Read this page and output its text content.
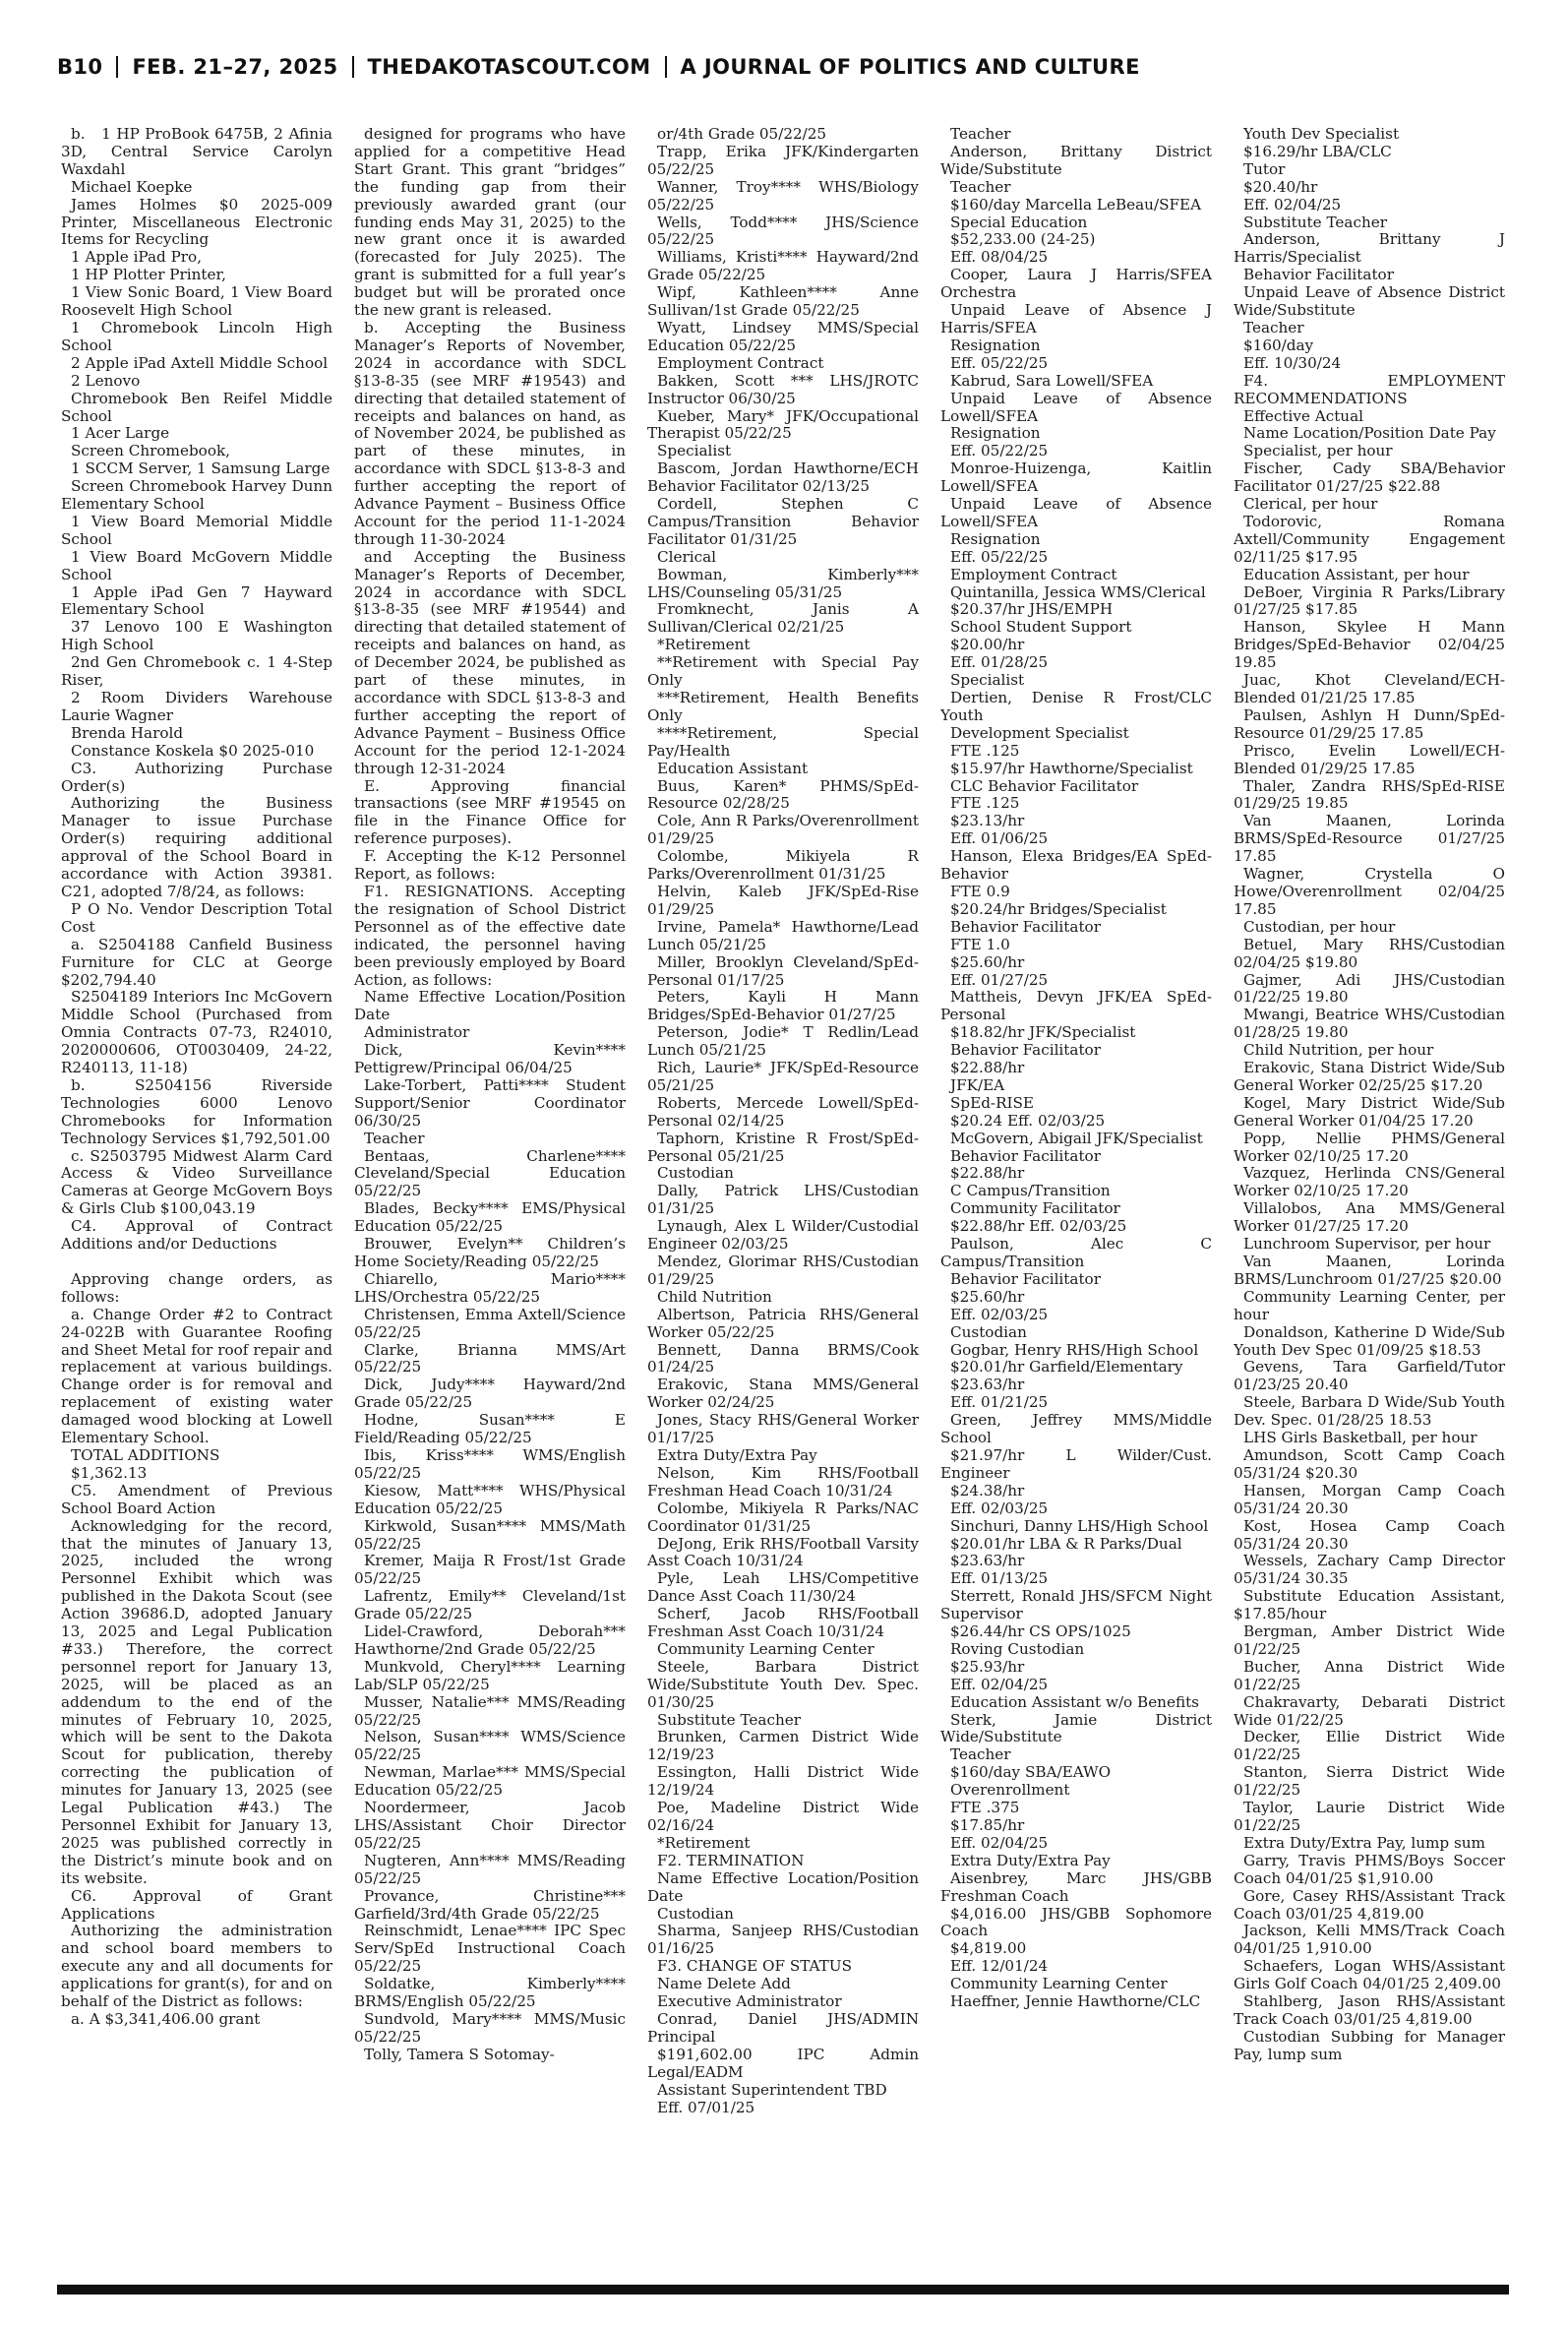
B10 FEB. 21–27, 2025 THEDAKOTASCOUT.COM A JOURNAL OF POLITICS AND CULTURE

b.   1 HP ProBook 6475B, 2 Afinia 3D, Central Service Carolyn Waxdahl

Michael Koepke

James Holmes $0 2025-009 Printer, Miscellaneous Electronic Items for Recycling

1 Apple iPad Pro,

1 HP Plotter Printer,

1 View Sonic Board, 1 View Board Roosevelt High School

1 Chromebook Lincoln High School

2 Apple iPad Axtell Middle School

2 Lenovo

Chromebook Ben Reifel Middle School

1 Acer Large

Screen Chromebook,

1 SCCM Server, 1 Samsung Large

Screen Chromebook Harvey Dunn Elementary School

1 View Board Memorial Middle School

1 View Board McGovern Middle School

1 Apple iPad Gen 7 Hayward Elementary School

37 Lenovo 100 E Washington High School

2nd Gen Chromebook c. 1 4-Step Riser,

2 Room Dividers Warehouse Laurie Wagner

Brenda Harold

Constance Koskela $0 2025-010

C3. Authorizing Purchase Order(s)

Authorizing the Business Manager to issue Purchase Order(s) requiring additional approval of the School Board in accordance with Action 39381. C21, adopted 7/8/24, as follows:

P O No. Vendor Description Total Cost

a. S2504188 Canfield Business Furniture for CLC at George $202,794.40

S2504189 Interiors Inc McGovern Middle School (Purchased from Omnia Contracts 07-73, R24010, 2020000606, OT0030409, 24-22, R240113, 11-18)

b. S2504156 Riverside Technologies 6000 Lenovo Chromebooks for Information Technology Services $1,792,501.00

c. S2503795 Midwest Alarm Card Access & Video Surveillance Cameras at George McGovern Boys & Girls Club $100,043.19

C4. Approval of Contract Additions and/or Deductions

Approving change orders, as follows:

a. Change Order #2 to Contract 24-022B with Guarantee Roofing and Sheet Metal for roof repair and replacement at various buildings. Change order is for removal and replacement of existing water damaged wood blocking at Lowell Elementary School.

TOTAL ADDITIONS

$1,362.13

C5. Amendment of Previous School Board Action

Acknowledging for the record, that the minutes of January 13, 2025, included the wrong Personnel Exhibit which was published in the Dakota Scout (see Action 39686.D, adopted January 13, 2025 and Legal Publication #33.) Therefore, the correct personnel report for January 13, 2025, will be placed as an addendum to the end of the minutes of February 10, 2025, which will be sent to the Dakota Scout for publication, thereby correcting the publication of minutes for January 13, 2025 (see Legal Publication #43.) The Personnel Exhibit for January 13, 2025 was published correctly in the District’s minute book and on its website.

C6. Approval of Grant Applications

Authorizing the administration and school board members to execute any and all documents for applications for grant(s), for and on behalf of the District as follows:

a. A $3,341,406.00 grant

designed for programs who have applied for a competitive Head Start Grant. This grant “bridges” the funding gap from their previously awarded grant (our funding ends May 31, 2025) to the new grant once it is awarded (forecasted for July 2025). The grant is submitted for a full year’s budget but will be prorated once the new grant is released.

b. Accepting the Business Manager’s Reports of November, 2024 in accordance with SDCL §13-8-35 (see MRF #19543) and directing that detailed statement of receipts and balances on hand, as of November 2024, be published as part of these minutes, in accordance with SDCL §13-8-3 and further accepting the report of Advance Payment – Business Office Account for the period 11-1-2024 through 11-30-2024

and Accepting the Business Manager’s Reports of December, 2024 in accordance with SDCL §13-8-35 (see MRF #19544) and directing that detailed statement of receipts and balances on hand, as of December 2024, be published as part of these minutes, in accordance with SDCL §13-8-3 and further accepting the report of Advance Payment – Business Office Account for the period 12-1-2024 through 12-31-2024

E. Approving financial transactions (see MRF #19545 on file in the Finance Office for reference purposes).

F. Accepting the K-12 Personnel Report, as follows:

F1. RESIGNATIONS. Accepting the resignation of School District Personnel as of the effective date indicated, the personnel having been previously employed by Board Action, as follows:

Name Effective Location/Position Date

Administrator

Dick, Kevin**** Pettigrew/Principal 06/04/25

Lake-Torbert, Patti**** Student Support/Senior Coordinator 06/30/25

Teacher

Bentaas, Charlene**** Cleveland/Special Education 05/22/25

Blades, Becky**** EMS/Physical Education 05/22/25

Brouwer, Evelyn** Children’s Home Society/Reading 05/22/25

Chiarello, Mario**** LHS/Orchestra 05/22/25

Christensen, Emma Axtell/Science 05/22/25

Clarke, Brianna MMS/Art 05/22/25

Dick, Judy**** Hayward/2nd Grade 05/22/25

Hodne, Susan**** E Field/Reading 05/22/25

Ibis, Kriss**** WMS/English 05/22/25

Kiesow, Matt**** WHS/Physical Education 05/22/25

Kirkwold, Susan**** MMS/Math 05/22/25

Kremer, Maija R Frost/1st Grade 05/22/25

Lafrentz, Emily** Cleveland/1st Grade 05/22/25

Lidel-Crawford, Deborah*** Hawthorne/2nd Grade 05/22/25

Munkvold, Cheryl**** Learning Lab/SLP 05/22/25

Musser, Natalie*** MMS/Reading 05/22/25

Nelson, Susan**** WMS/Science 05/22/25

Newman, Marlae*** MMS/Special Education 05/22/25

Noordermeer, Jacob LHS/Assistant Choir Director 05/22/25

Nugteren, Ann**** MMS/Reading 05/22/25

Provance, Christine*** Garfield/3rd/4th Grade 05/22/25

Reinschmidt, Lenae**** IPC Spec Serv/SpEd Instructional Coach 05/22/25

Soldatke, Kimberly**** BRMS/English 05/22/25

Sundvold, Mary**** MMS/Music 05/22/25

Tolly, Tamera S Sotomay-

or/4th Grade 05/22/25

Trapp, Erika JFK/Kindergarten 05/22/25

Wanner, Troy**** WHS/Biology 05/22/25

Wells, Todd**** JHS/Science 05/22/25

Williams, Kristi**** Hayward/2nd Grade 05/22/25

Wipf, Kathleen**** Anne Sullivan/1st Grade 05/22/25

Wyatt, Lindsey MMS/Special Education 05/22/25

Employment Contract

Bakken, Scott *** LHS/JROTC Instructor 06/30/25

Kueber, Mary* JFK/Occupational Therapist 05/22/25

Specialist

Bascom, Jordan Hawthorne/ECH Behavior Facilitator 02/13/25

Cordell, Stephen C Campus/Transition Behavior Facilitator 01/31/25

Clerical

Bowman, Kimberly*** LHS/Counseling 05/31/25

Fromknecht, Janis A Sullivan/Clerical 02/21/25

*Retirement

**Retirement with Special Pay Only

***Retirement, Health Benefits Only

****Retirement, Special Pay/Health

Education Assistant

Buus, Karen* PHMS/SpEd-Resource 02/28/25

Cole, Ann R Parks/Overenrollment 01/29/25

Colombe, Mikiyela R Parks/Overenrollment 01/31/25

Helvin, Kaleb JFK/SpEd-Rise 01/29/25

Irvine, Pamela* Hawthorne/Lead Lunch 05/21/25

Miller, Brooklyn Cleveland/SpEd-Personal 01/17/25

Peters, Kayli H Mann Bridges/SpEd-Behavior 01/27/25

Peterson, Jodie* T Redlin/Lead Lunch 05/21/25

Rich, Laurie* JFK/SpEd-Resource 05/21/25

Roberts, Mercede Lowell/SpEd-Personal 02/14/25

Taphorn, Kristine R Frost/SpEd-Personal 05/21/25

Custodian

Dally, Patrick LHS/Custodian 01/31/25

Lynaugh, Alex L Wilder/Custodial Engineer 02/03/25

Mendez, Glorimar RHS/Custodian 01/29/25

Child Nutrition

Albertson, Patricia RHS/General Worker 05/22/25

Bennett, Danna BRMS/Cook 01/24/25

Erakovic, Stana MMS/General Worker 02/24/25

Jones, Stacy RHS/General Worker 01/17/25

Extra Duty/Extra Pay

Nelson, Kim RHS/Football Freshman Head Coach 10/31/24

Colombe, Mikiyela R Parks/NAC Coordinator 01/31/25

DeJong, Erik RHS/Football Varsity Asst Coach 10/31/24

Pyle, Leah LHS/Competitive Dance Asst Coach 11/30/24

Scherf, Jacob RHS/Football Freshman Asst Coach 10/31/24

Community Learning Center

Steele, Barbara District Wide/Substitute Youth Dev. Spec. 01/30/25

Substitute Teacher

Brunken, Carmen District Wide 12/19/23

Essington, Halli District Wide 12/19/24

Poe, Madeline District Wide 02/16/24

*Retirement

F2. TERMINATION

Name Effective Location/Position Date

Custodian

Sharma, Sanjeep RHS/Custodian 01/16/25

F3. CHANGE OF STATUS

Name Delete Add

Executive Administrator

Conrad, Daniel JHS/ADMIN Principal

$191,602.00 IPC Admin Legal/EADM

Assistant Superintendent TBD

Eff. 07/01/25

Teacher

Anderson, Brittany District Wide/Substitute

Teacher

$160/day Marcella LeBeau/SFEA

Special Education

$52,233.00 (24-25)

Eff. 08/04/25

Cooper, Laura J Harris/SFEA Orchestra

Unpaid Leave of Absence J Harris/SFEA

Resignation

Eff. 05/22/25

Kabrud, Sara Lowell/SFEA

Unpaid Leave of Absence Lowell/SFEA

Resignation

Eff. 05/22/25

Monroe-Huizenga, Kaitlin Lowell/SFEA

Unpaid Leave of Absence Lowell/SFEA

Resignation

Eff. 05/22/25

Employment Contract

Quintanilla, Jessica WMS/Clerical

$20.37/hr JHS/EMPH

School Student Support

$20.00/hr

Eff. 01/28/25

Specialist

Dertien, Denise R Frost/CLC Youth

Development Specialist

FTE .125

$15.97/hr Hawthorne/Specialist

CLC Behavior Facilitator

FTE .125

$23.13/hr

Eff. 01/06/25

Hanson, Elexa Bridges/EA SpEd-Behavior

FTE 0.9

$20.24/hr Bridges/Specialist

Behavior Facilitator

FTE 1.0

$25.60/hr

Eff. 01/27/25

Mattheis, Devyn JFK/EA SpEd-Personal

$18.82/hr JFK/Specialist

Behavior Facilitator

$22.88/hr

JFK/EA

SpEd-RISE

$20.24 Eff. 02/03/25

McGovern, Abigail JFK/Specialist

Behavior Facilitator

$22.88/hr

C Campus/Transition

Community Facilitator

$22.88/hr Eff. 02/03/25

Paulson, Alec C Campus/Transition

Behavior Facilitator

$25.60/hr

Eff. 02/03/25

Custodian

Gogbar, Henry RHS/High School

$20.01/hr Garfield/Elementary

$23.63/hr

Eff. 01/21/25

Green, Jeffrey MMS/Middle School

$21.97/hr L Wilder/Cust. Engineer

$24.38/hr

Eff. 02/03/25

Sinchuri, Danny LHS/High School

$20.01/hr LBA & R Parks/Dual

$23.63/hr

Eff. 01/13/25

Sterrett, Ronald JHS/SFCM Night Supervisor

$26.44/hr CS OPS/1025

Roving Custodian

$25.93/hr

Eff. 02/04/25

Education Assistant w/o Benefits

Sterk, Jamie District Wide/Substitute

Teacher

$160/day SBA/EAWO

Overenrollment

FTE .375

$17.85/hr

Eff. 02/04/25

Extra Duty/Extra Pay

Aisenbrey, Marc JHS/GBB Freshman Coach

$4,016.00 JHS/GBB Sophomore Coach

$4,819.00

Eff. 12/01/24

Community Learning Center

Haeffner, Jennie Hawthorne/CLC

Youth Dev Specialist

$16.29/hr LBA/CLC

Tutor

$20.40/hr

Eff. 02/04/25

Substitute Teacher

Anderson, Brittany J Harris/Specialist

Behavior Facilitator

Unpaid Leave of Absence District Wide/Substitute

Teacher

$160/day

Eff. 10/30/24

F4. EMPLOYMENT RECOMMENDATIONS

Effective Actual

Name Location/Position Date Pay

Specialist, per hour

Fischer, Cady SBA/Behavior Facilitator 01/27/25 $22.88

Clerical, per hour

Todorovic, Romana Axtell/Community Engagement 02/11/25 $17.95

Education Assistant, per hour

DeBoer, Virginia R Parks/Library 01/27/25 $17.85

Hanson, Skylee H Mann Bridges/SpEd-Behavior 02/04/25 19.85

Juac, Khot Cleveland/ECH-Blended 01/21/25 17.85

Paulsen, Ashlyn H Dunn/SpEd-Resource 01/29/25 17.85

Prisco, Evelin Lowell/ECH-Blended 01/29/25 17.85

Thaler, Zandra RHS/SpEd-RISE 01/29/25 19.85

Van Maanen, Lorinda BRMS/SpEd-Resource 01/27/25 17.85

Wagner, Crystella O Howe/Overenrollment 02/04/25 17.85

Custodian, per hour

Betuel, Mary RHS/Custodian 02/04/25 $19.80

Gajmer, Adi JHS/Custodian 01/22/25 19.80

Mwangi, Beatrice WHS/Custodian 01/28/25 19.80

Child Nutrition, per hour

Erakovic, Stana District Wide/Sub General Worker 02/25/25 $17.20

Kogel, Mary District Wide/Sub General Worker 01/04/25 17.20

Popp, Nellie PHMS/General Worker 02/10/25 17.20

Vazquez, Herlinda CNS/General Worker 02/10/25 17.20

Villalobos, Ana MMS/General Worker 01/27/25 17.20

Lunchroom Supervisor, per hour

Van Maanen, Lorinda BRMS/Lunchroom 01/27/25 $20.00

Community Learning Center, per hour

Donaldson, Katherine D Wide/Sub Youth Dev Spec 01/09/25 $18.53

Gevens, Tara Garfield/Tutor 01/23/25 20.40

Steele, Barbara D Wide/Sub Youth Dev. Spec. 01/28/25 18.53

LHS Girls Basketball, per hour

Amundson, Scott Camp Coach 05/31/24 $20.30

Hansen, Morgan Camp Coach 05/31/24 20.30

Kost, Hosea Camp Coach 05/31/24 20.30

Wessels, Zachary Camp Director 05/31/24 30.35

Substitute Education Assistant, $17.85/hour

Bergman, Amber District Wide 01/22/25

Bucher, Anna District Wide 01/22/25

Chakravarty, Debarati District Wide 01/22/25

Decker, Ellie District Wide 01/22/25

Stanton, Sierra District Wide 01/22/25

Taylor, Laurie District Wide 01/22/25

Extra Duty/Extra Pay, lump sum

Garry, Travis PHMS/Boys Soccer Coach 04/01/25 $1,910.00

Gore, Casey RHS/Assistant Track Coach 03/01/25 4,819.00

Jackson, Kelli MMS/Track Coach 04/01/25 1,910.00

Schaefers, Logan WHS/Assistant Girls Golf Coach 04/01/25 2,409.00

Stahlberg, Jason RHS/Assistant Track Coach 03/01/25 4,819.00

Custodian Subbing for Manager Pay, lump sum
